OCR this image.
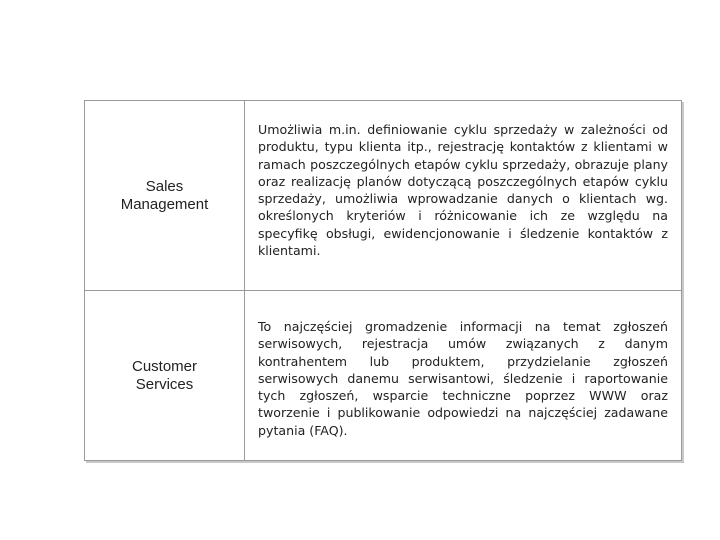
Sales
Management
Umożliwia m.in. definiowanie cyklu sprzedaży w zależności od produktu, typu klienta itp., rejestrację kontaktów z klientami w ramach poszczególnych etapów cyklu sprzedaży, obrazuje plany oraz realizację planów dotyczącą poszczególnych etapów cyklu sprzedaży, umożliwia wprowadzanie danych o klientach wg. określonych kryteriów i różnicowanie ich ze względu na specyfikę obsługi, ewidencjonowanie i śledzenie kontaktów z klientami.
Customer
Services
To najczęściej gromadzenie informacji na temat zgłoszeń serwisowych, rejestracja umów związanych z danym kontrahentem lub produktem, przydzielanie zgłoszeń serwisowych danemu serwisantowi, śledzenie i raportowanie tych zgłoszeń, wsparcie techniczne poprzez WWW oraz tworzenie i publikowanie odpowiedzi na najczęściej zadawane pytania (FAQ).
